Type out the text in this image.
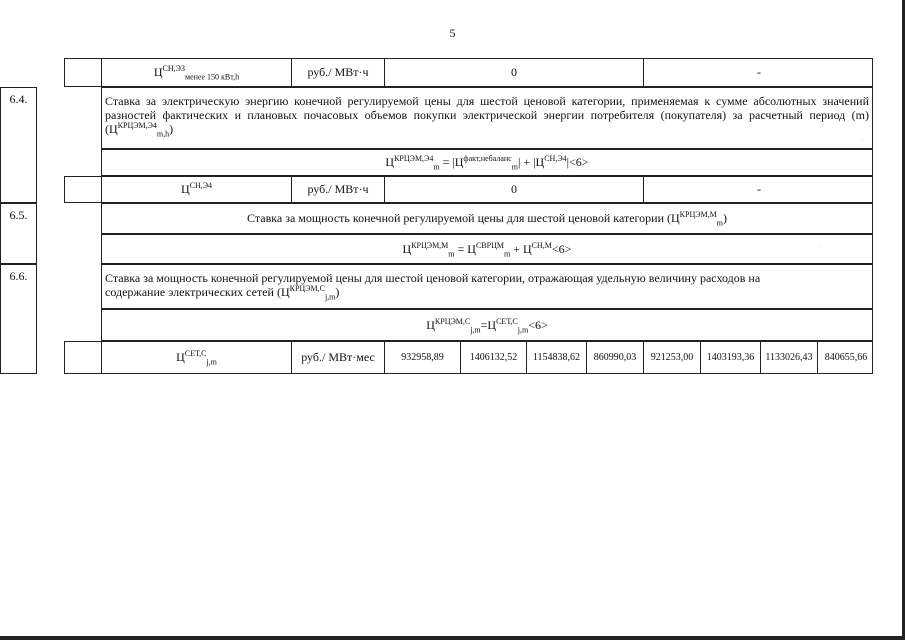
·
·
5
$Ц^{СН,ЭЗ}_{менее 150 кВт,h}$	руб./ МВт·ч	0	-
6.4.	Ставка за электрическую энергию конечной регулируемой цены для шестой ценовой категории, применяемая к сумме абсолютных значений разностей фактических и плановых почасовых объемов покупки электрической энергии потребителя (покупателя) за расчетный период (m) $(Ц^{КРЦЭМ,Э4}_{m,h})$
$Ц^{КРЦЭМ,Э4}_m = |Ц^{факт,небаланс}_m| + |Ц^{СН,Э4}|<6>$
$Ц^{СН,Э4}$	руб./ МВт·ч	0	-
6.5.	Ставка за мощность конечной регулируемой цены для шестой ценовой категории $(Ц^{КРЦЭМ,М}_m)$
$Ц^{КРЦЭМ,М}_m = Ц^{СВРЦМ}_m + Ц^{СН,М}<6>$
6.6.	Ставка за мощность конечной регулируемой цены для шестой ценовой категории, отражающая удельную величину расходов на
содержание электрических сетей $(Ц^{КРЦЭМ,С}_{j,m})$
$Ц^{КРЦЭМ,С}_{j,m}=Ц^{СЕТ,С}_{j,m}<6>$
$Ц^{СЕТ,С}_{j,m}$	руб./ МВт·мес	932958,89	1406132,52	1154838,62	860990,03	921253,00	1403193,36	1133026,43	840655,66
